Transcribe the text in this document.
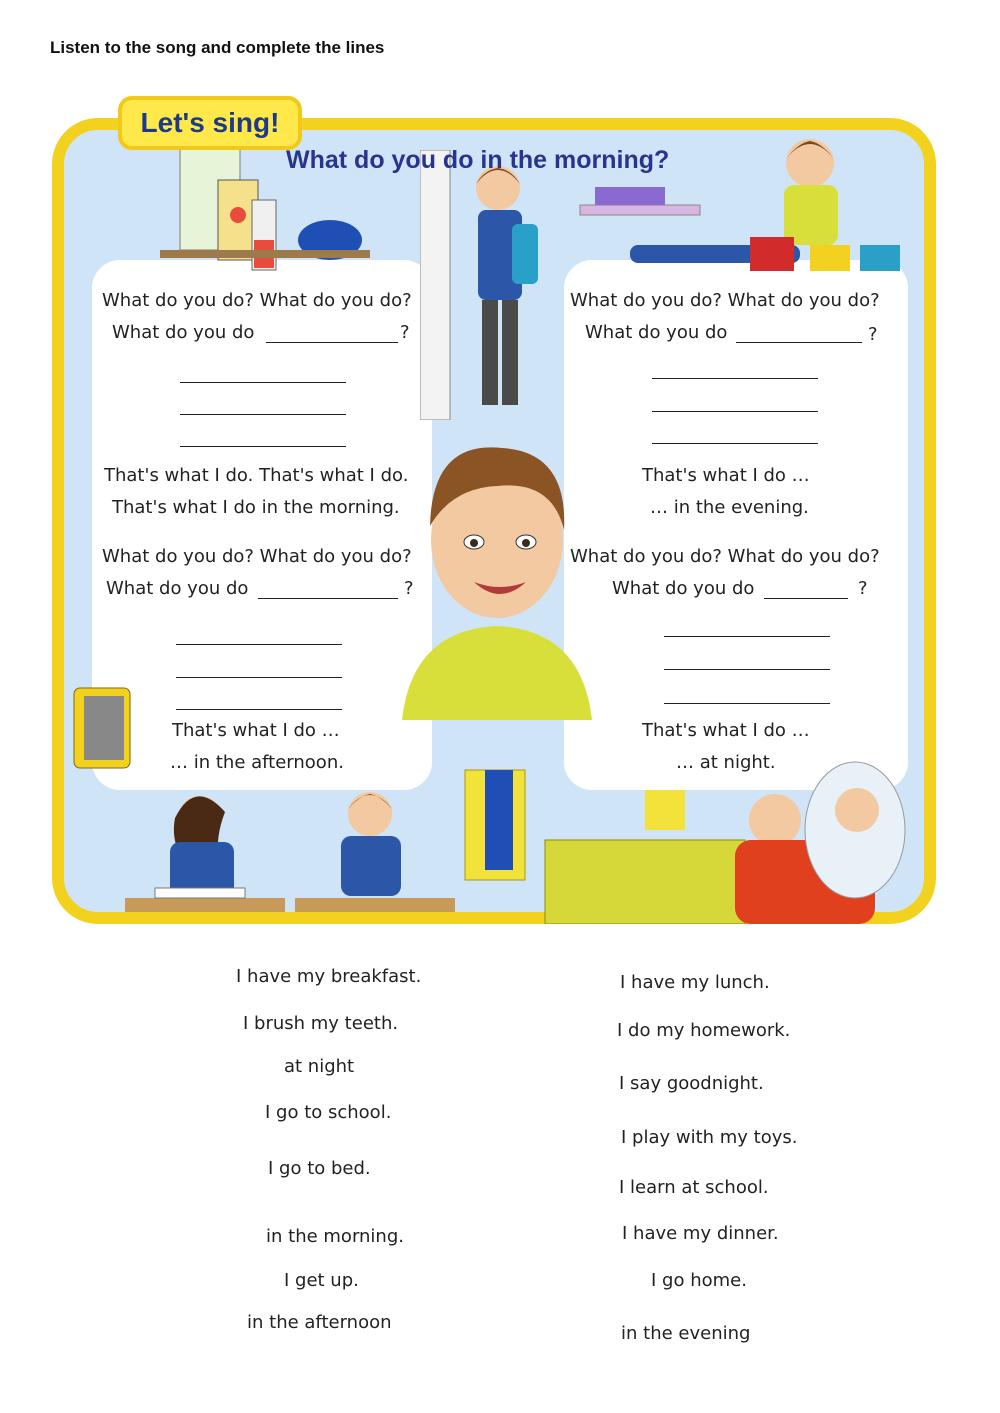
Listen to the song and complete the lines
Let's sing!
What do you do in the morning?
What do you do? What do you do?
What do you do	?
That's what I do. That's what I do.
That's what I do in the morning.
What do you do? What do you do?
What do you do	?
That's what I do …
… in the evening.
What do you do? What do you do?
What do you do	?
That's what I do …
… in the afternoon.
What do you do? What do you do?
What do you do	?
That's what I do …
… at night.
I have my breakfast.
I brush my teeth.
at night
I go to school.
I go to bed.
in the morning.
I get up.
in the afternoon
I have my lunch.
I do my homework.
I say goodnight.
I play with my toys.
I learn at school.
I have my dinner.
I go home.
in the evening
